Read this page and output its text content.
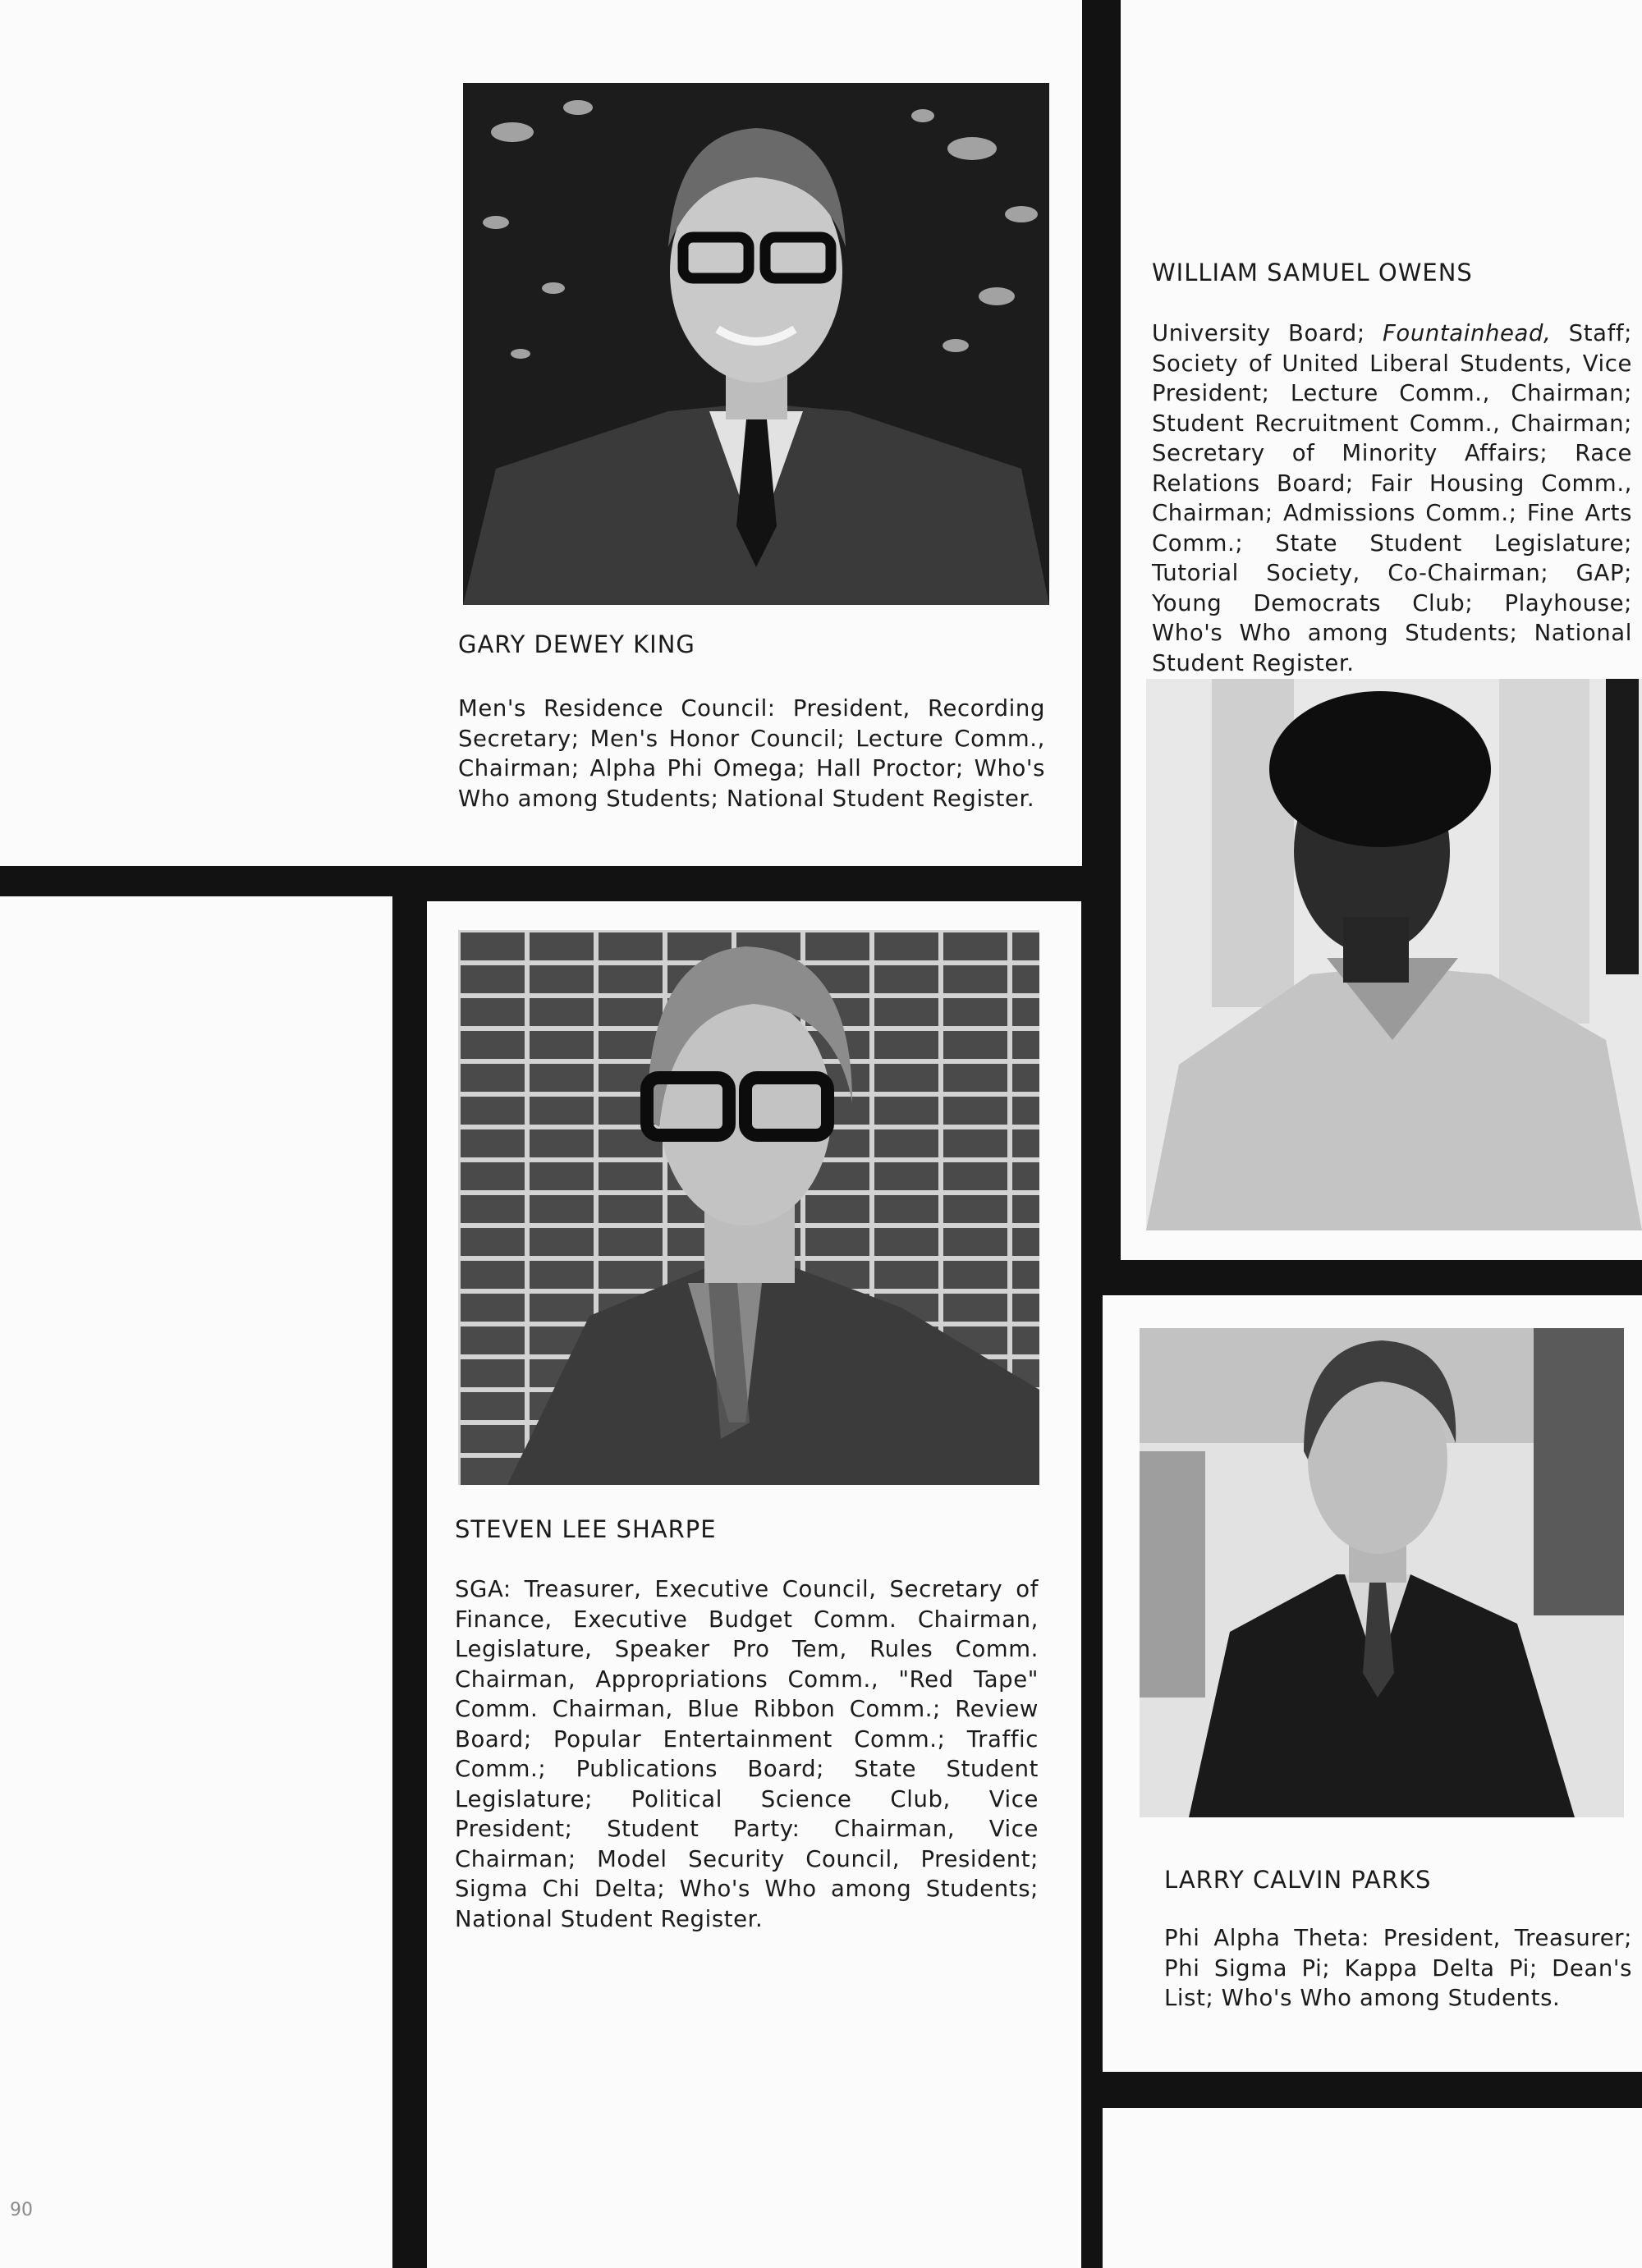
GARY DEWEY KING

Men's Residence Council: President, Recording Secretary; Men's Honor Council; Lecture Comm., Chairman; Alpha Phi Omega; Hall Proctor; Who's Who among Students; National Student Register.

WILLIAM SAMUEL OWENS

University Board; Fountainhead, Staff; Society of United Liberal Students, Vice President; Lecture Comm., Chairman; Student Recruitment Comm., Chairman; Secretary of Minority Affairs; Race Relations Board; Fair Housing Comm., Chairman; Admissions Comm.; Fine Arts Comm.; State Student Legislature; Tutorial Society, Co-Chairman; GAP; Young Democrats Club; Playhouse; Who's Who among Students; National Student Register.

STEVEN LEE SHARPE

SGA: Treasurer, Executive Council, Secretary of Finance, Executive Budget Comm. Chairman, Legislature, Speaker Pro Tem, Rules Comm. Chairman, Appropriations Comm., "Red Tape" Comm. Chairman, Blue Ribbon Comm.; Review Board; Popular Entertainment Comm.; Traffic Comm.; Publications Board; State Student Legislature; Political Science Club, Vice President; Student Party: Chairman, Vice Chairman; Model Security Council, President; Sigma Chi Delta; Who's Who among Students; National Student Register.

LARRY CALVIN PARKS

Phi Alpha Theta: President, Treasurer; Phi Sigma Pi; Kappa Delta Pi; Dean's List; Who's Who among Students.

90
